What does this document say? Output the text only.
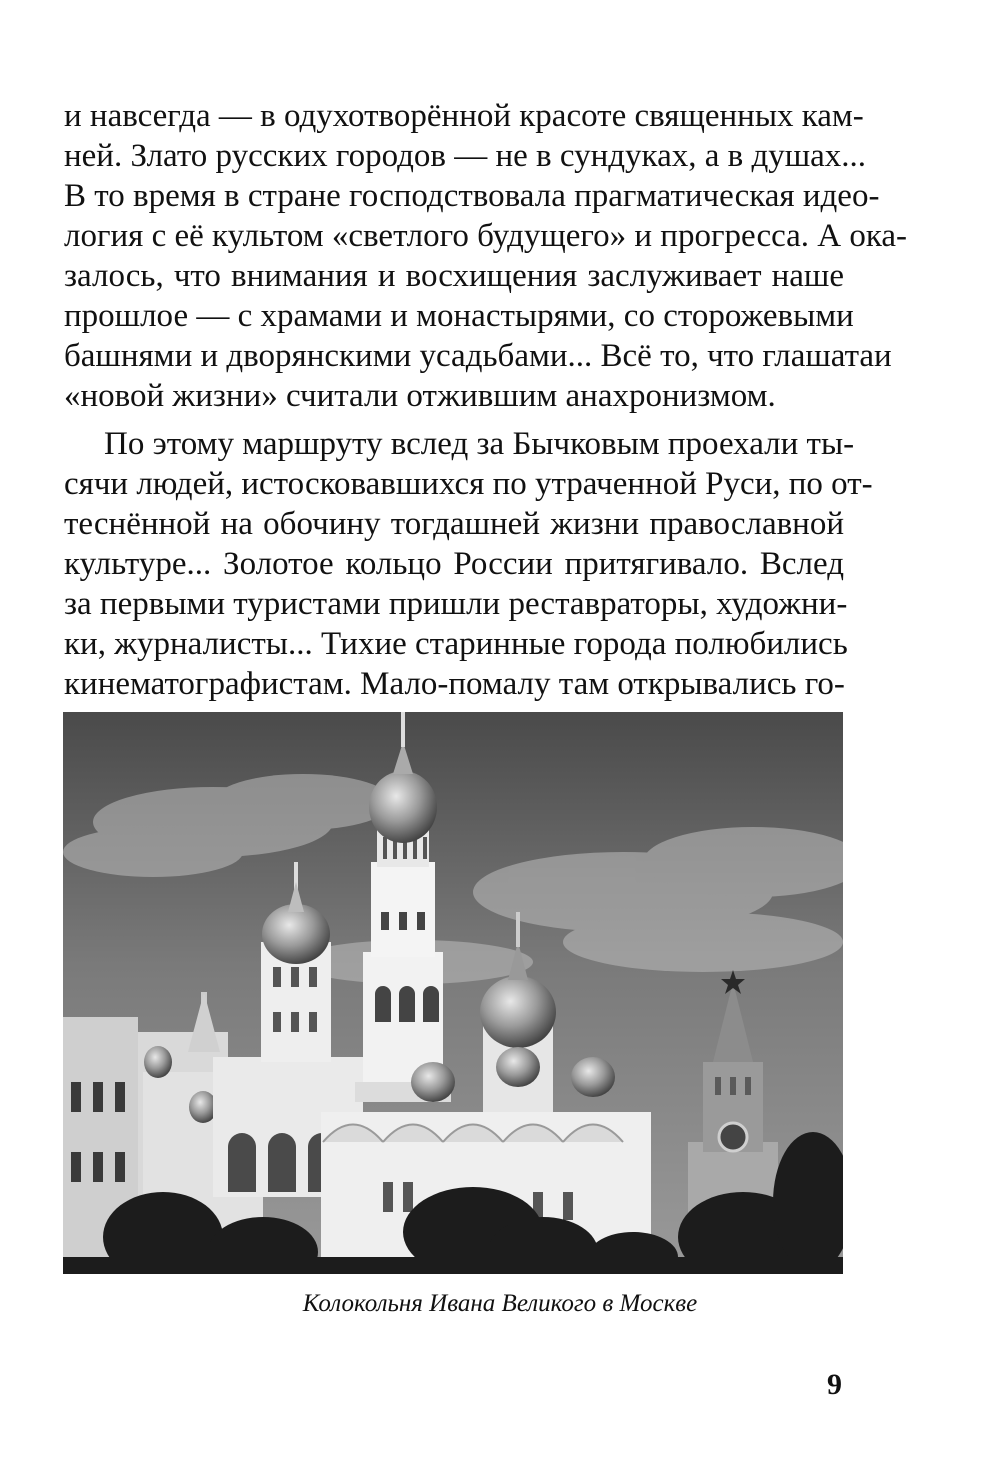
и навсегда — в одухотворённой красоте священных кам-
ней. Злато русских городов — не в сундуках, а в душах...
В то время в стране господствовала прагматическая идео-
логия с её культом «светлого будущего» и прогресса. А ока-
залось, что внимания и восхищения заслуживает наше
прошлое — с храмами и монастырями, со сторожевыми
башнями и дворянскими усадьбами... Всё то, что глашатаи
«новой жизни» считали отжившим анахронизмом.

По этому маршруту вслед за Бычковым проехали ты-
сячи людей, истосковавшихся по утраченной Руси, по от-
теснённой на обочину тогдашней жизни православной
культуре... Золотое кольцо России притягивало. Вслед
за первыми туристами пришли реставраторы, художни-
ки, журналисты... Тихие старинные города полюбились
кинематографистам. Мало-помалу там открывались го-

Колокольня Ивана Великого в Москве
9
